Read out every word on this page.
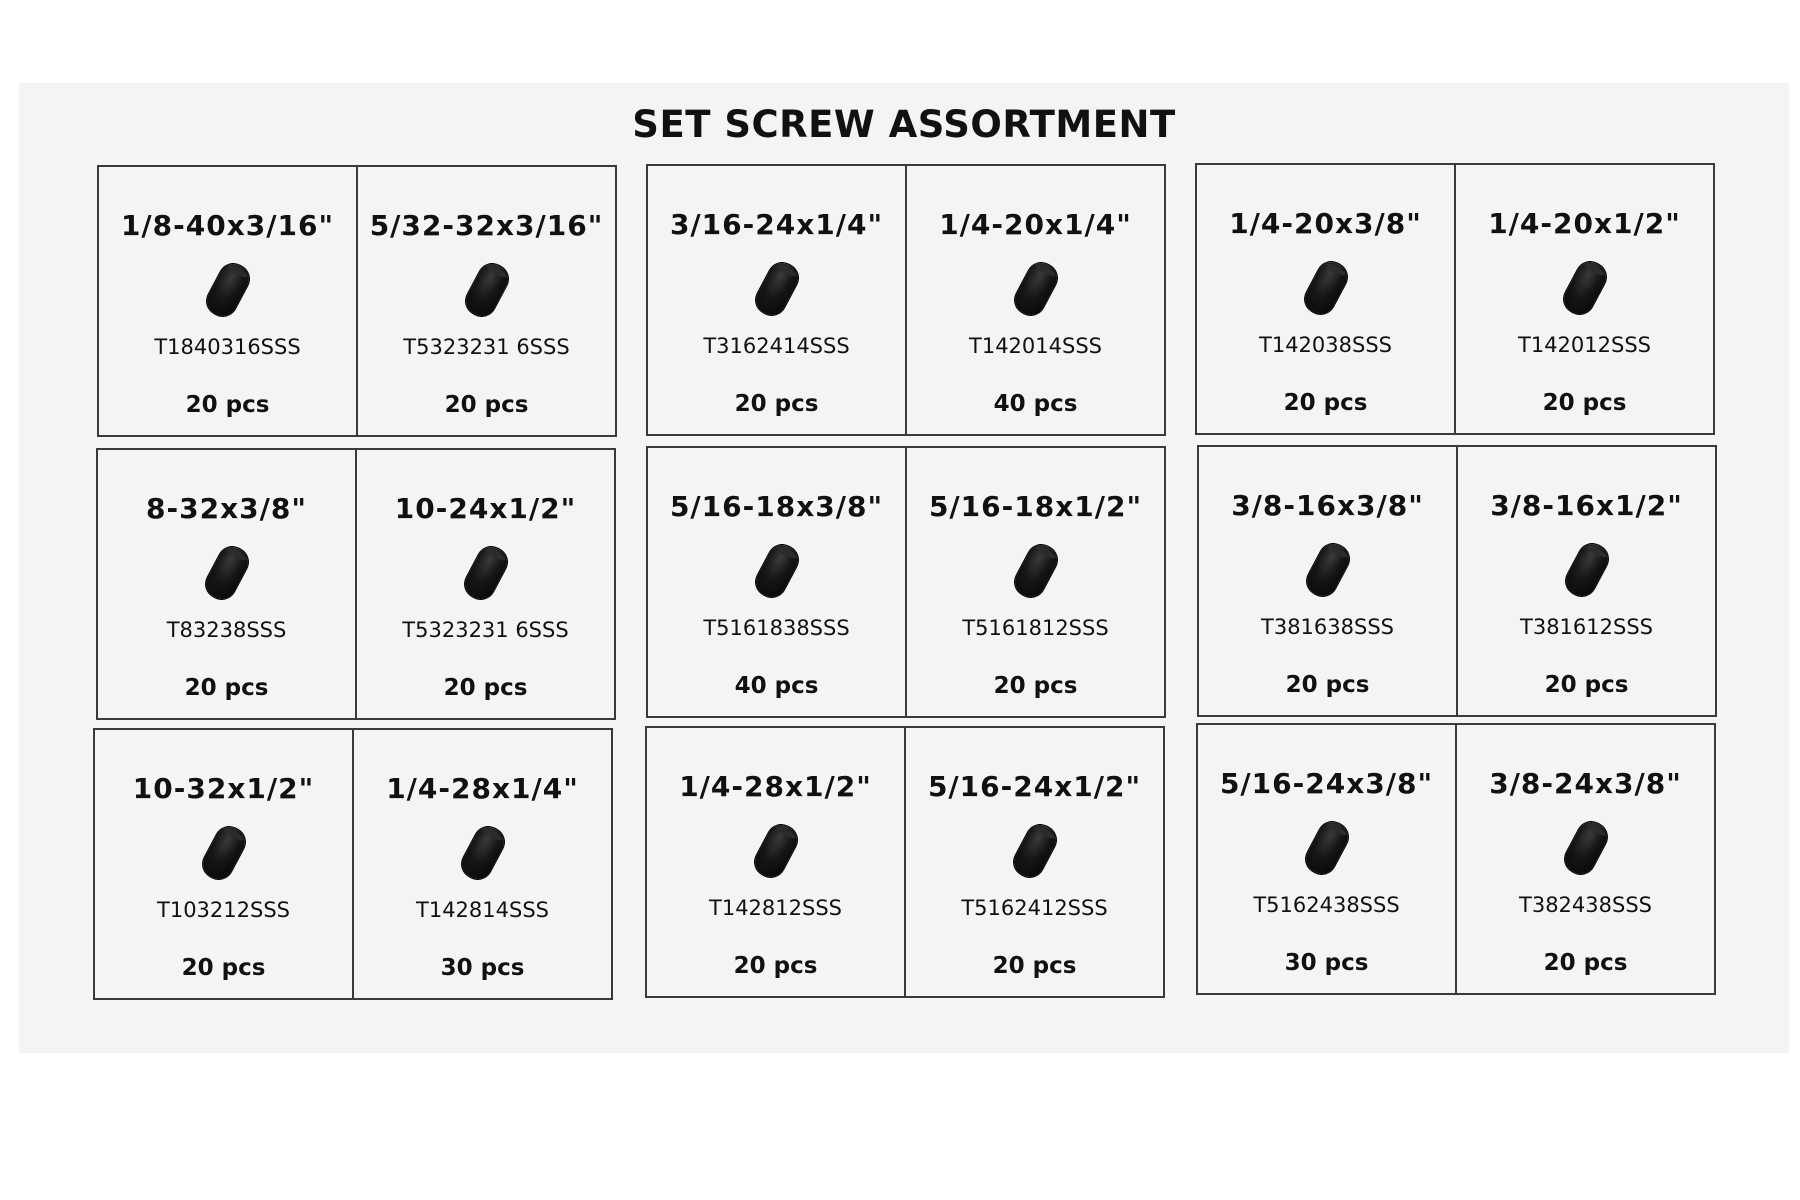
SET SCREW ASSORTMENT
1/8-40x3/16"
T1840316SSS
20 pcs
5/32-32x3/16"
T5323231 6SSS
20 pcs
3/16-24x1/4"
T3162414SSS
20 pcs
1/4-20x1/4"
T142014SSS
40 pcs
1/4-20x3/8"
T142038SSS
20 pcs
1/4-20x1/2"
T142012SSS
20 pcs
8-32x3/8"
T83238SSS
20 pcs
10-24x1/2"
T5323231 6SSS
20 pcs
5/16-18x3/8"
T5161838SSS
40 pcs
5/16-18x1/2"
T5161812SSS
20 pcs
3/8-16x3/8"
T381638SSS
20 pcs
3/8-16x1/2"
T381612SSS
20 pcs
10-32x1/2"
T103212SSS
20 pcs
1/4-28x1/4"
T142814SSS
30 pcs
1/4-28x1/2"
T142812SSS
20 pcs
5/16-24x1/2"
T5162412SSS
20 pcs
5/16-24x3/8"
T5162438SSS
30 pcs
3/8-24x3/8"
T382438SSS
20 pcs
